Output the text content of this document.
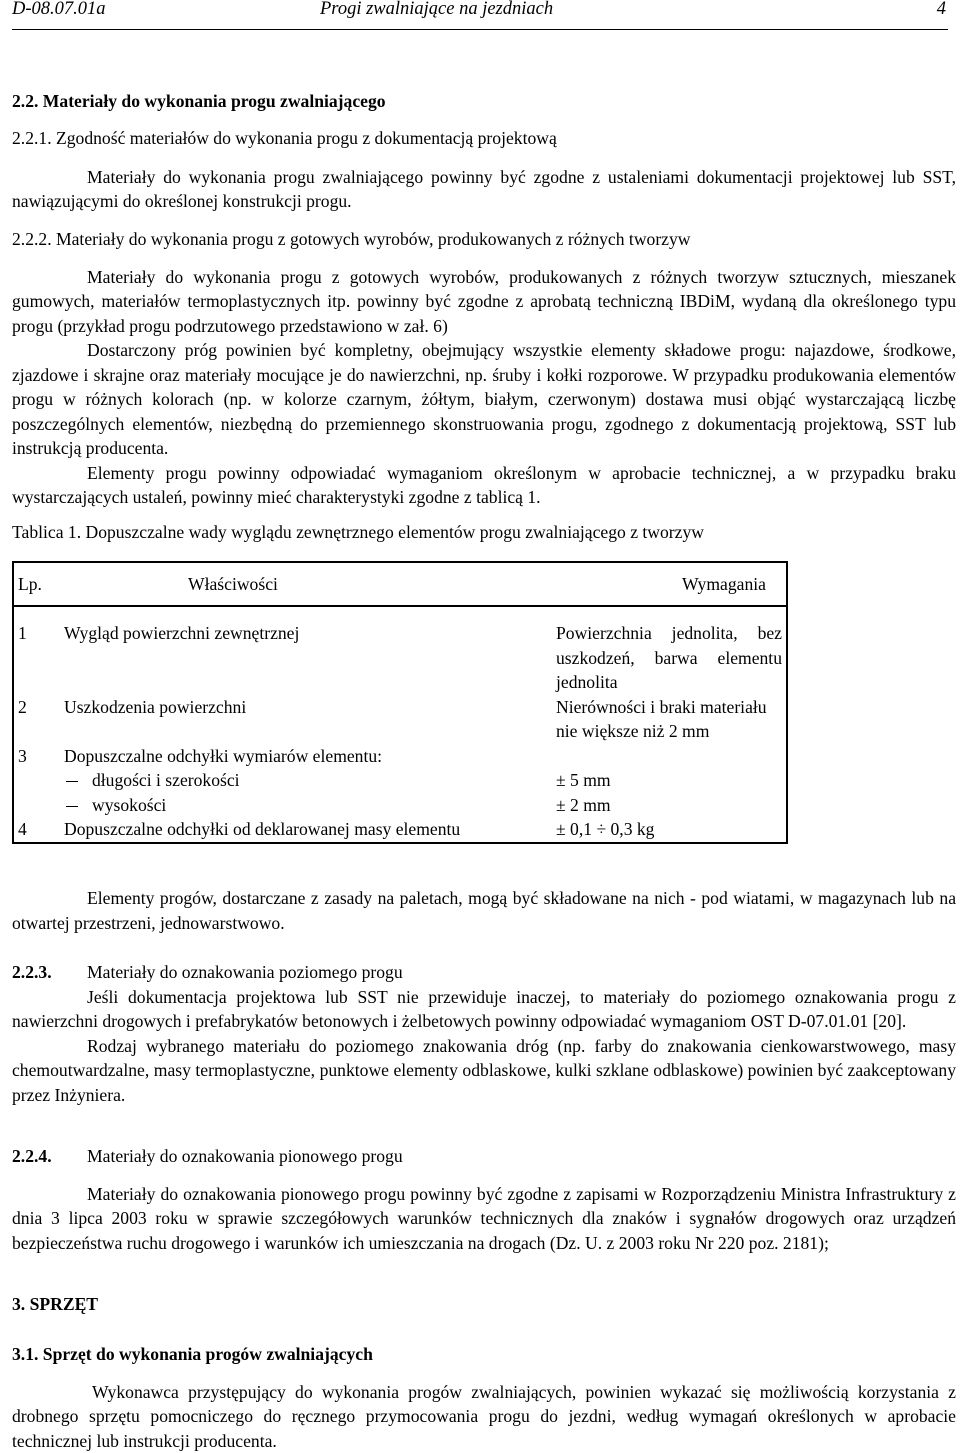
D-08.07.01a	Progi zwalniające na jezdniach	4
2.2. Materiały do wykonania progu zwalniającego

2.2.1. Zgodność materiałów do wykonania progu z dokumentacją projektową

Materiały do wykonania progu zwalniającego powinny być zgodne z ustaleniami dokumentacji projektowej lub SST, nawiązującymi do określonej konstrukcji progu.

2.2.2. Materiały do wykonania progu z gotowych wyrobów, produkowanych z różnych tworzyw

Materiały do wykonania progu z gotowych wyrobów, produkowanych z różnych tworzyw sztucznych, mieszanek gumowych, materiałów termoplastycznych itp. powinny być zgodne z aprobatą techniczną IBDiM, wydaną dla określonego typu progu (przykład progu podrzutowego przedstawiono w zał. 6)

Dostarczony próg powinien być kompletny, obejmujący wszystkie elementy składowe progu: najazdowe, środkowe, zjazdowe i skrajne oraz materiały mocujące je do nawierzchni, np. śruby i kołki rozporowe. W przypadku produkowania elementów progu w różnych kolorach (np. w kolorze czarnym, żółtym, białym, czerwonym) dostawa musi objąć wystarczającą liczbę poszczególnych elementów, niezbędną do przemiennego skonstruowania progu, zgodnego z dokumentacją projektową, SST lub instrukcją producenta.

Elementy progu powinny odpowiadać wymaganiom określonym w aprobacie technicznej, a w przypadku braku wystarczających ustaleń, powinny mieć charakterystyki zgodne z tablicą 1.

Tablica 1. Dopuszczalne wady wyglądu zewnętrznego elementów progu zwalniającego z tworzyw
Lp.	Właściwości	Wymagania
1	Wygląd powierzchni zewnętrznej	Powierzchnia jednolita, bez uszkodzeń, barwa elementu jednolita
2	Uszkodzenia powierzchni	Nierówności i braki materiału nie większe niż 2 mm
3	Dopuszczalne odchyłki wymiarów elementu:	
	długości i szerokości	± 5 mm
	wysokości	± 2 mm
4	Dopuszczalne odchyłki od deklarowanej masy elementu	± 0,1 ÷ 0,3 kg

Elementy progów, dostarczane z zasady na paletach, mogą być składowane na nich - pod wiatami, w magazynach lub na otwartej przestrzeni, jednowarstwowo.

2.2.3. Materiały do oznakowania poziomego progu

Jeśli dokumentacja projektowa lub SST nie przewiduje inaczej, to materiały do poziomego oznakowania progu z nawierzchni drogowych i prefabrykatów betonowych i żelbetowych powinny odpowiadać wymaganiom OST D-07.01.01 [20].

Rodzaj wybranego materiału do poziomego znakowania dróg (np. farby do znakowania cienkowarstwowego, masy chemoutwardzalne, masy termoplastyczne, punktowe elementy odblaskowe, kulki szklane odblaskowe) powinien być zaakceptowany przez Inżyniera.

2.2.4. Materiały do oznakowania pionowego progu

Materiały do oznakowania pionowego progu powinny być zgodne z zapisami w Rozporządzeniu Ministra Infrastruktury z dnia 3 lipca 2003 roku w sprawie szczegółowych warunków technicznych dla znaków i sygnałów drogowych oraz urządzeń bezpieczeństwa ruchu drogowego i warunków ich umieszczania na drogach (Dz. U. z 2003 roku Nr 220 poz. 2181);

3. SPRZĘT

3.1. Sprzęt do wykonania progów zwalniających

Wykonawca przystępujący do wykonania progów zwalniających, powinien wykazać się możliwością korzystania z drobnego sprzętu pomocniczego do ręcznego przymocowania progu do jezdni, według wymagań określonych w aprobacie technicznej lub instrukcji producenta.
